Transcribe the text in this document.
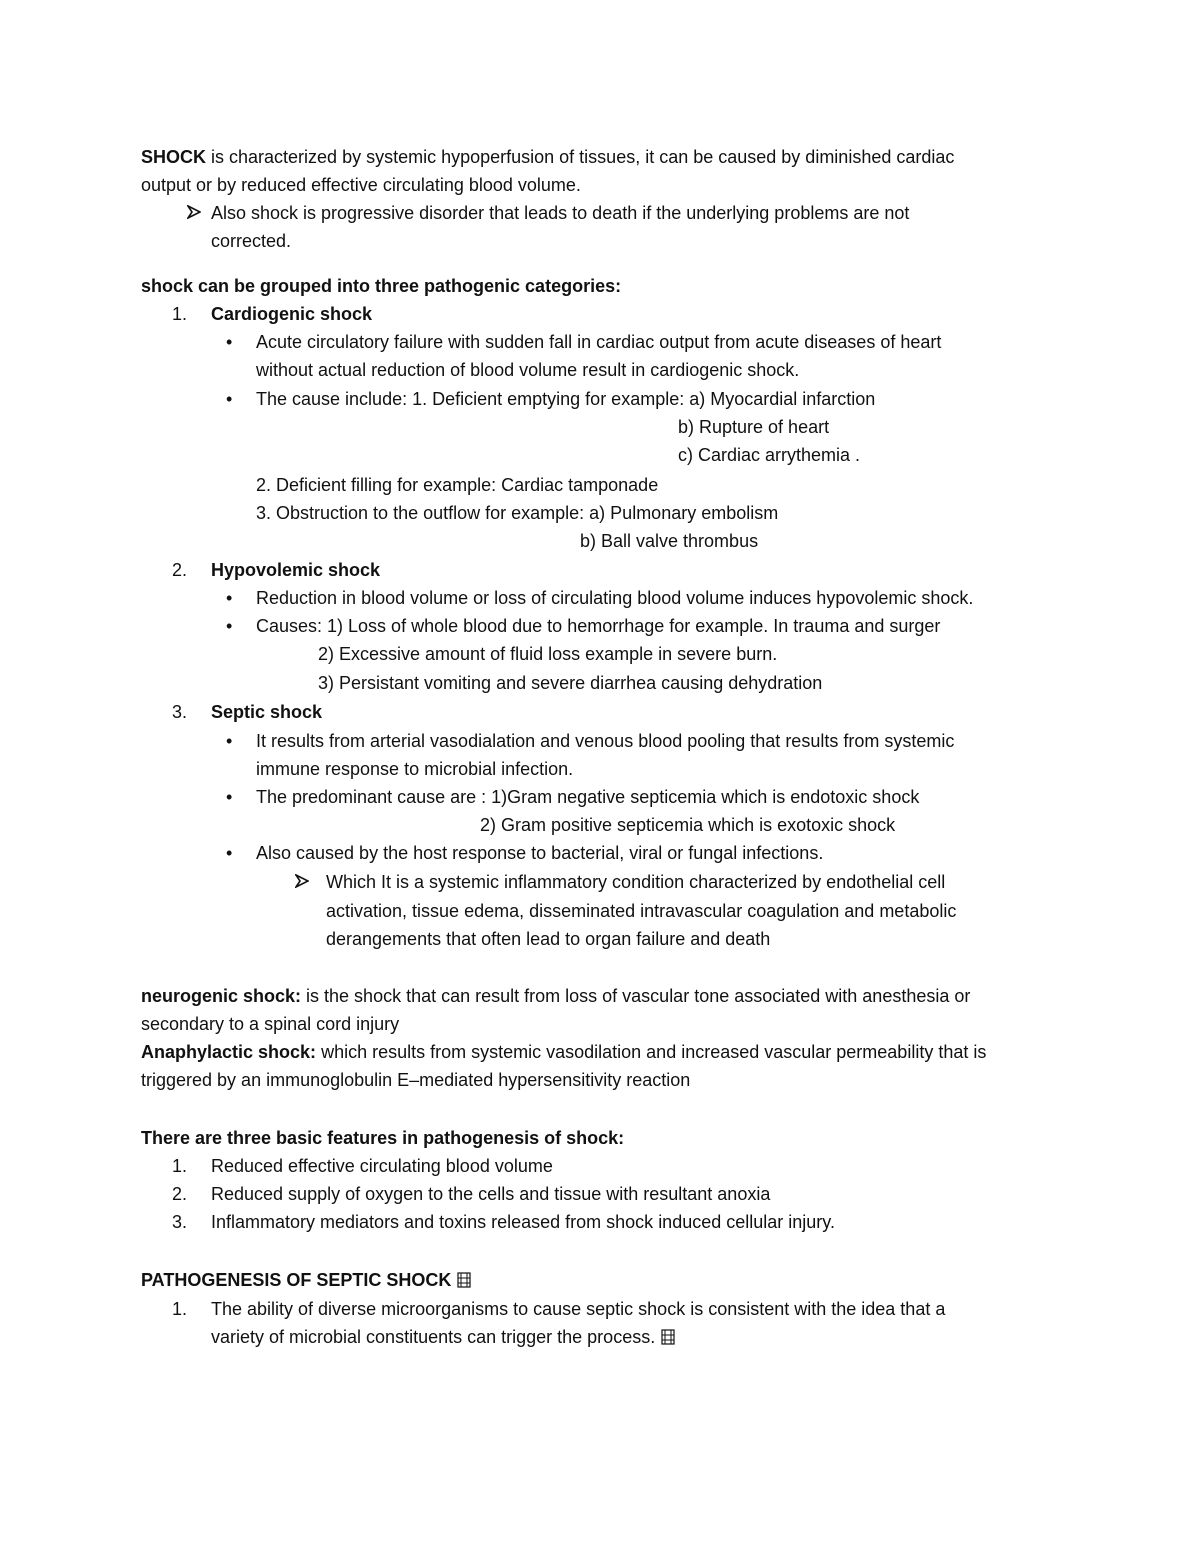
SHOCK is characterized by systemic hypoperfusion of tissues, it can be caused by diminished cardiac
output or by reduced effective circulating blood volume.
Also shock is progressive disorder that leads to death if the underlying problems are not
corrected.
shock can be grouped into three pathogenic categories:
1. Cardiogenic shock
• Acute circulatory failure with sudden fall in cardiac output from acute diseases of heart
without actual reduction of blood volume result in cardiogenic shock.
• The cause include: 1. Deficient emptying for example: a) Myocardial infarction
b) Rupture of heart
c) Cardiac arrythemia .
2. Deficient filling for example: Cardiac tamponade
3. Obstruction to the outflow for example: a) Pulmonary embolism
b) Ball valve thrombus
2. Hypovolemic shock
• Reduction in blood volume or loss of circulating blood volume induces hypovolemic shock.
• Causes: 1) Loss of whole blood due to hemorrhage for example. In trauma and surger
2) Excessive amount of fluid loss example in severe burn.
3) Persistant vomiting and severe diarrhea causing dehydration
3. Septic shock
• It results from arterial vasodialation and venous blood pooling that results from systemic
immune response to microbial infection.
• The predominant cause are : 1)Gram negative septicemia which is endotoxic shock
2) Gram positive septicemia which is exotoxic shock
• Also caused by the host response to bacterial, viral or fungal infections.
Which It is a systemic inflammatory condition characterized by endothelial cell
activation, tissue edema, disseminated intravascular coagulation and metabolic
derangements that often lead to organ failure and death
neurogenic shock: is the shock that can result from loss of vascular tone associated with anesthesia or
secondary to a spinal cord injury
Anaphylactic shock: which results from systemic vasodilation and increased vascular permeability that is
triggered by an immunoglobulin E–mediated hypersensitivity reaction
There are three basic features in pathogenesis of shock:
1. Reduced effective circulating blood volume
2. Reduced supply of oxygen to the cells and tissue with resultant anoxia
3. Inflammatory mediators and toxins released from shock induced cellular injury.
PATHOGENESIS OF SEPTIC SHOCK
1. The ability of diverse microorganisms to cause septic shock is consistent with the idea that a
variety of microbial constituents can trigger the process.
